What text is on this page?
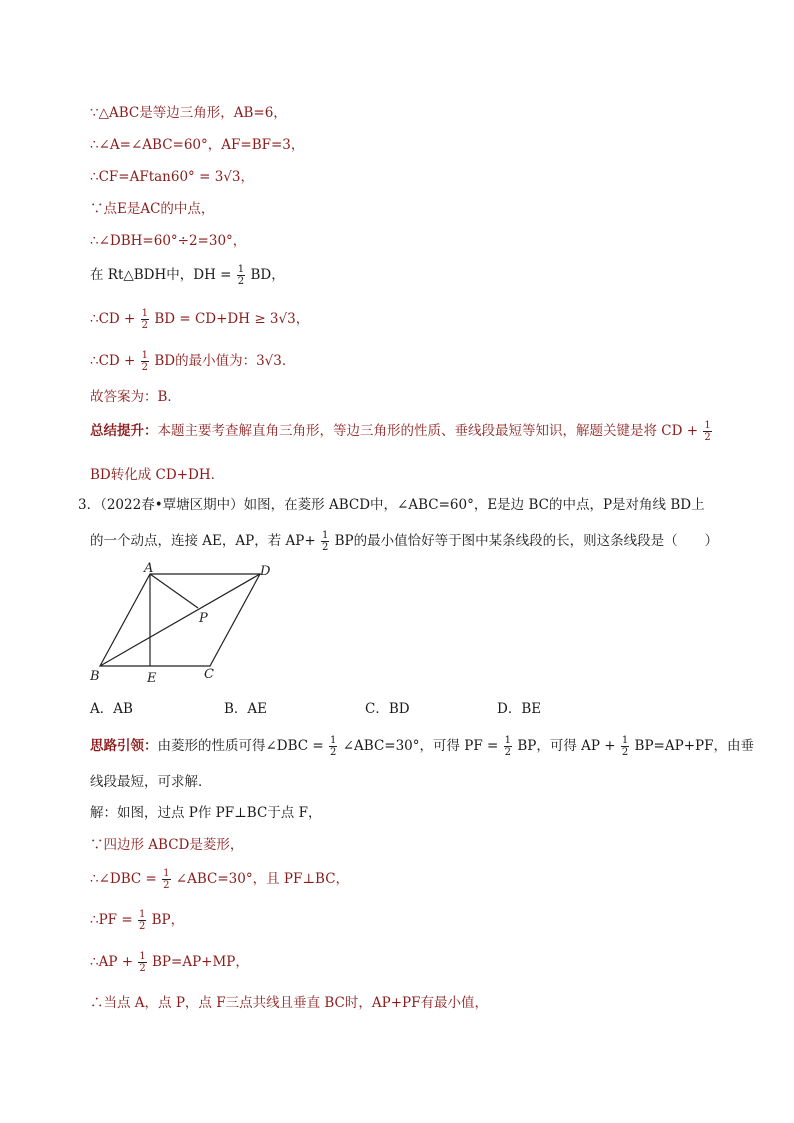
∵△ABC是等边三角形，AB=6，
∴∠A=∠ABC=60°，AF=BF=3，
∴CF=AFtan60° = 3√3，
∵点E是AC的中点，
∴∠DBH=60°÷2=30°，
在 Rt△BDH中，DH = $\frac{1}{2}$ BD，
∴CD + $\frac{1}{2}$ BD = CD+DH ≥ 3√3，
∴CD + $\frac{1}{2}$ BD的最小值为：3√3．
故答案为：B．
总结提升：本题主要考查解直角三角形，等边三角形的性质、垂线段最短等知识，解题关键是将 CD + $\frac{1}{2}$
BD转化成 CD+DH．
3．（2022春•覃塘区期中）如图，在菱形 ABCD中，∠ABC=60°，E是边 BC的中点，P是对角线 BD上
的一个动点，连接 AE，AP，若 $AP+ \frac{1}{2}$ BP的最小值恰好等于图中某条线段的长，则这条线段是（　　）
A	D
P
B	E	C
A．AB	B．AE	C．BD	D．BE
思路引领：由菱形的性质可得∠DBC = $\frac{1}{2}$ ∠ABC=30°，可得 PF = $\frac{1}{2}$ BP，可得 AP + $\frac{1}{2} BP=AP+PF$，由垂
线段最短，可求解．
解：如图，过点 P作 PF⊥BC于点 F，
∵四边形 ABCD是菱形，
∴∠DBC = $\frac{1}{2}$ ∠ABC=30°，且 PF⊥BC，
∴PF = $\frac{1}{2}$ BP，
∴AP + $\frac{1}{2} BP=AP+MP$，
∴当点 A，点 P，点 F三点共线且垂直 BC时，AP+PF有最小值，
